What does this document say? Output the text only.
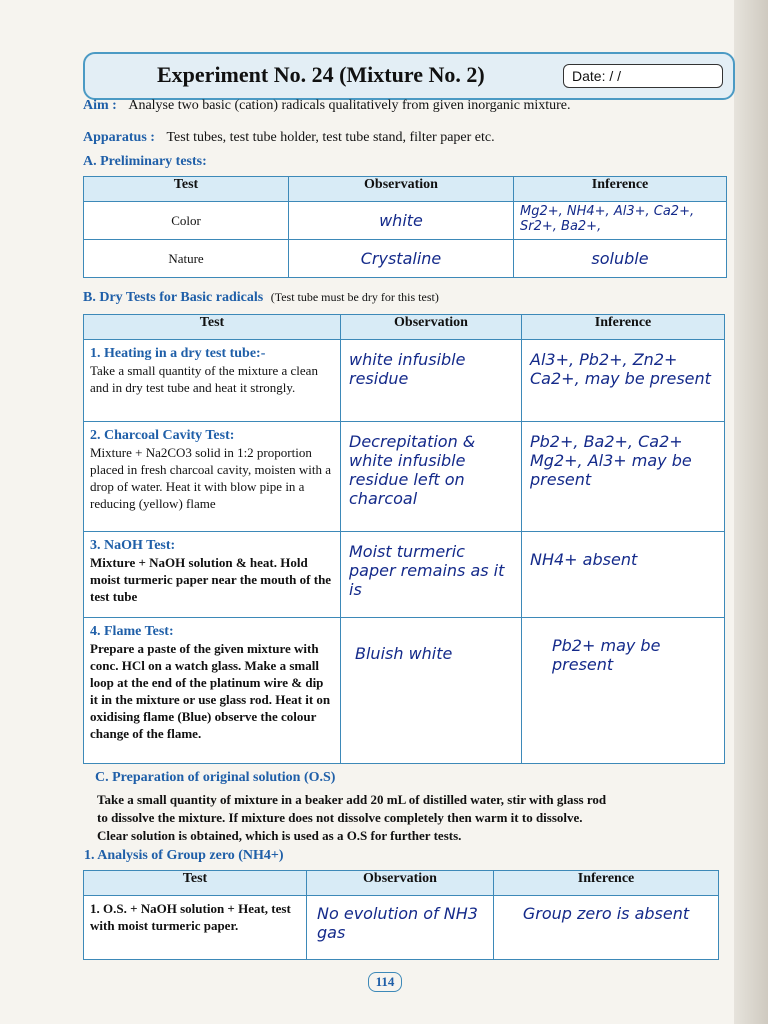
Experiment No. 24 (Mixture No. 2)	Date: / /
Aim : Analyse two basic (cation) radicals qualitatively from given inorganic mixture.
Apparatus : Test tubes, test tube holder, test tube stand, filter paper etc.
A. Preliminary tests:
Test	Observation	Inference
Color	white	Mg2+, NH4+, Al3+, Ca2+, Sr2+, Ba2+,
Nature	Crystaline	soluble
B. Dry Tests for Basic radicals (Test tube must be dry for this test)
Test	Observation	Inference
1. Heating in a dry test tube:-
Take a small quantity of the mixture a clean and in dry test tube and heat it strongly.	white infusible residue	Al3+, Pb2+, Zn2+ Ca2+, may be present
2. Charcoal Cavity Test:
Mixture + Na2CO3 solid in 1:2 proportion placed in fresh charcoal cavity, moisten with a drop of water. Heat it with blow pipe in a reducing (yellow) flame	Decrepitation & white infusible residue left on charcoal	Pb2+, Ba2+, Ca2+ Mg2+, Al3+ may be present
3. NaOH Test:
Mixture + NaOH solution & heat. Hold moist turmeric paper near the mouth of the test tube	Moist turmeric paper remains as it is	NH4+ absent
4. Flame Test:
Prepare a paste of the given mixture with conc. HCl on a watch glass. Make a small loop at the end of the platinum wire & dip it in the mixture or use glass rod. Heat it on oxidising flame (Blue) observe the colour change of the flame.	Bluish white	Pb2+ may be present
C. Preparation of original solution (O.S)
Take a small quantity of mixture in a beaker add 20 mL of distilled water, stir with glass rod
to dissolve the mixture. If mixture does not dissolve completely then warm it to dissolve.
Clear solution is obtained, which is used as a O.S for further tests.
1. Analysis of Group zero (NH4+)
Test	Observation	Inference
1. O.S. + NaOH solution + Heat, test with moist turmeric paper.	No evolution of NH3 gas	Group zero is absent
114
